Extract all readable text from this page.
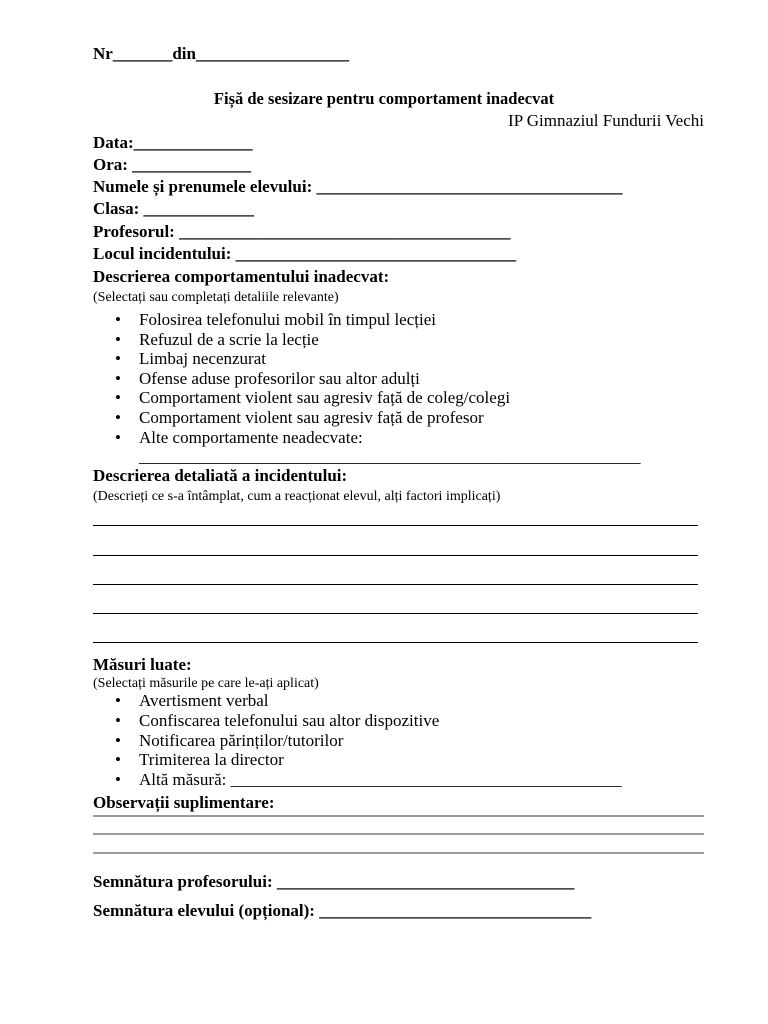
Nr_______din__________________
Fișă de sesizare pentru comportament inadecvat
IP Gimnaziul Fundurii Vechi
Data:______________
Ora: ______________
Numele și prenumele elevului: ____________________________________
Clasa: _____________
Profesorul: _______________________________________
Locul incidentului: _________________________________
Descrierea comportamentului inadecvat:
(Selectați sau completați detaliile relevante)
• Folosirea telefonului mobil în timpul lecției
• Refuzul de a scrie la lecție
• Limbaj necenzurat
• Ofense aduse profesorilor sau altor adulți
• Comportament violent sau agresiv față de coleg/colegi
• Comportament violent sau agresiv față de profesor
• Alte comportamente neadecvate:
___________________________________________________________
Descrierea detaliată a incidentului:
(Descrieți ce s-a întâmplat, cum a reacționat elevul, alți factori implicați)
Măsuri luate:
(Selectați măsurile pe care le-ați aplicat)
• Avertisment verbal
• Confiscarea telefonului sau altor dispozitive
• Notificarea părinților/tutorilor
• Trimiterea la director
• Altă măsură: ______________________________________________
Observații suplimentare:
Semnătura profesorului: ___________________________________
Semnătura elevului (opțional): ________________________________
